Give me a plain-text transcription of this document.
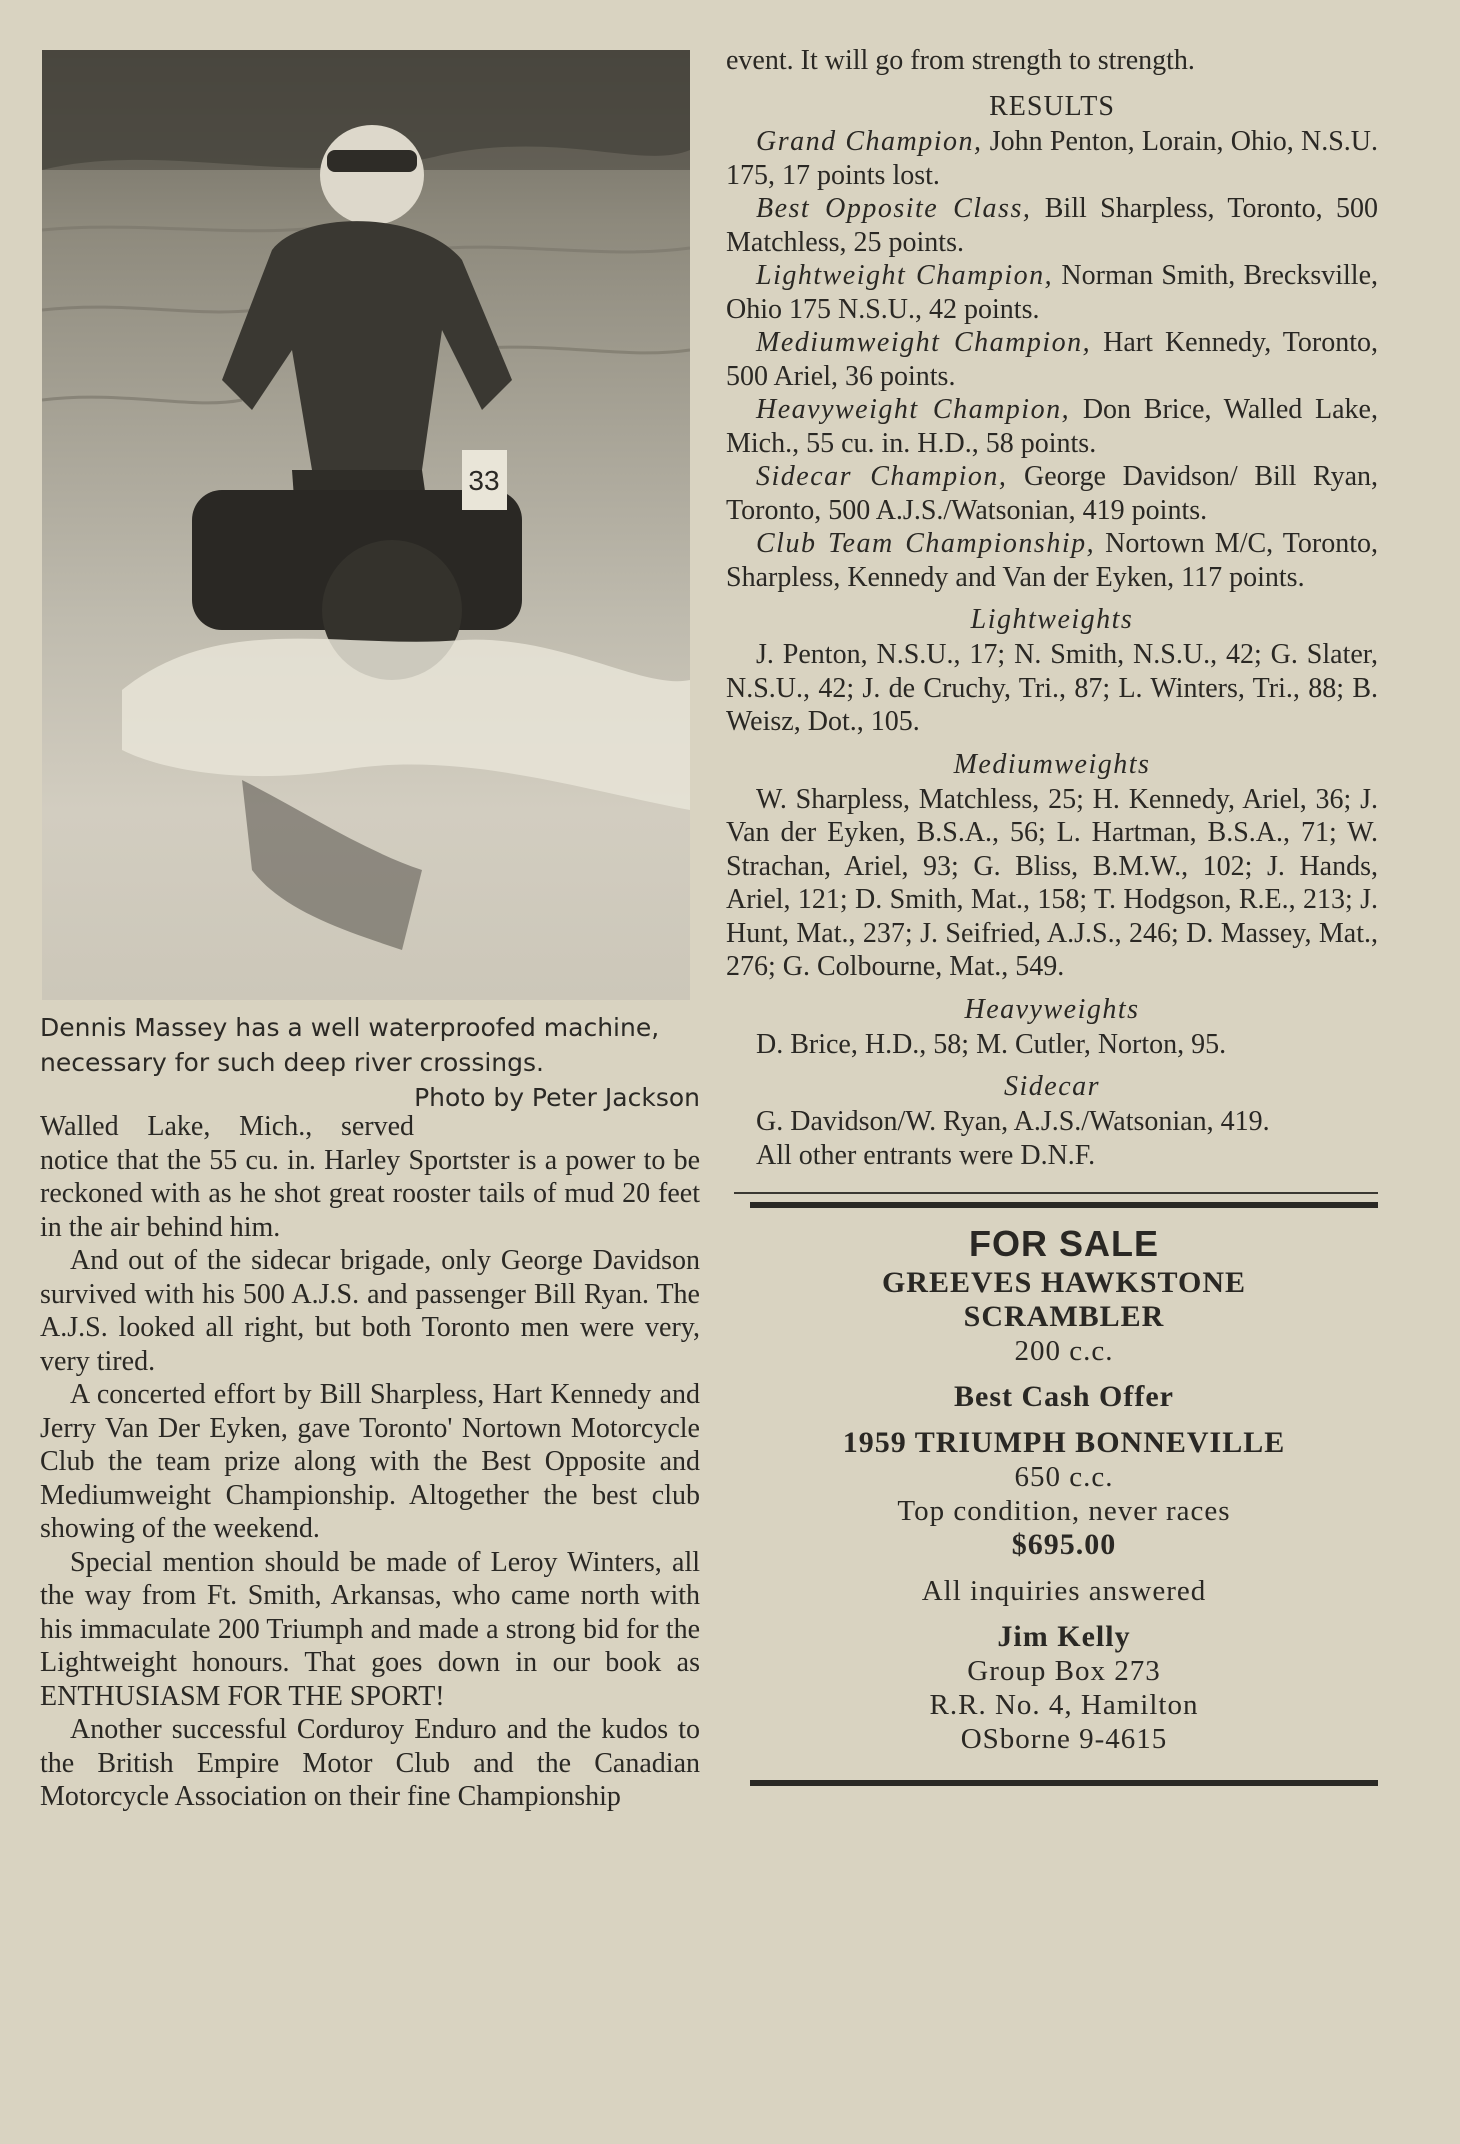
33
Dennis Massey has a well waterproofed machine, necessary for such deep river crossings.
Photo by Peter Jackson

Walled Lake, Mich., served notice that the 55 cu. in. Harley Sportster is a power to be reckoned with as he shot great rooster tails of mud 20 feet in the air behind him.

And out of the sidecar brigade, only George Davidson survived with his 500 A.J.S. and passenger Bill Ryan. The A.J.S. looked all right, but both Toronto men were very, very tired.

A concerted effort by Bill Sharpless, Hart Kennedy and Jerry Van Der Eyken, gave Toronto' Nortown Motorcycle Club the team prize along with the Best Opposite and Mediumweight Championship. Altogether the best club showing of the weekend.

Special mention should be made of Leroy Winters, all the way from Ft. Smith, Arkansas, who came north with his immaculate 200 Triumph and made a strong bid for the Lightweight honours. That goes down in our book as ENTHUSIASM FOR THE SPORT!

Another successful Corduroy Enduro and the kudos to the British Empire Motor Club and the Canadian Motorcycle Association on their fine Championship

event. It will go from strength to strength.

RESULTS

Grand Champion, John Penton, Lorain, Ohio, N.S.U. 175, 17 points lost.

Best Opposite Class, Bill Sharpless, Toronto, 500 Matchless, 25 points.

Lightweight Champion, Norman Smith, Brecksville, Ohio 175 N.S.U., 42 points.

Mediumweight Champion, Hart Kennedy, Toronto, 500 Ariel, 36 points.

Heavyweight Champion, Don Brice, Walled Lake, Mich., 55 cu. in. H.D., 58 points.

Sidecar Champion, George Davidson/ Bill Ryan, Toronto, 500 A.J.S./Watsonian, 419 points.

Club Team Championship, Nortown M/C, Toronto, Sharpless, Kennedy and Van der Eyken, 117 points.

Lightweights

J. Penton, N.S.U., 17; N. Smith, N.S.U., 42; G. Slater, N.S.U., 42; J. de Cruchy, Tri., 87; L. Winters, Tri., 88; B. Weisz, Dot., 105.

Mediumweights

W. Sharpless, Matchless, 25; H. Kennedy, Ariel, 36; J. Van der Eyken, B.S.A., 56; L. Hartman, B.S.A., 71; W. Strachan, Ariel, 93; G. Bliss, B.M.W., 102; J. Hands, Ariel, 121; D. Smith, Mat., 158; T. Hodgson, R.E., 213; J. Hunt, Mat., 237; J. Seifried, A.J.S., 246; D. Massey, Mat., 276; G. Colbourne, Mat., 549.

Heavyweights

D. Brice, H.D., 58; M. Cutler, Norton, 95.

Sidecar

G. Davidson/W. Ryan, A.J.S./Watsonian, 419.

All other entrants were D.N.F.

FOR SALE
GREEVES HAWKSTONE
SCRAMBLER
200 c.c.
Best Cash Offer
1959 TRIUMPH BONNEVILLE
650 c.c.
Top condition, never races
$695.00
All inquiries answered
Jim Kelly
Group Box 273
R.R. No. 4, Hamilton
OSborne 9-4615
